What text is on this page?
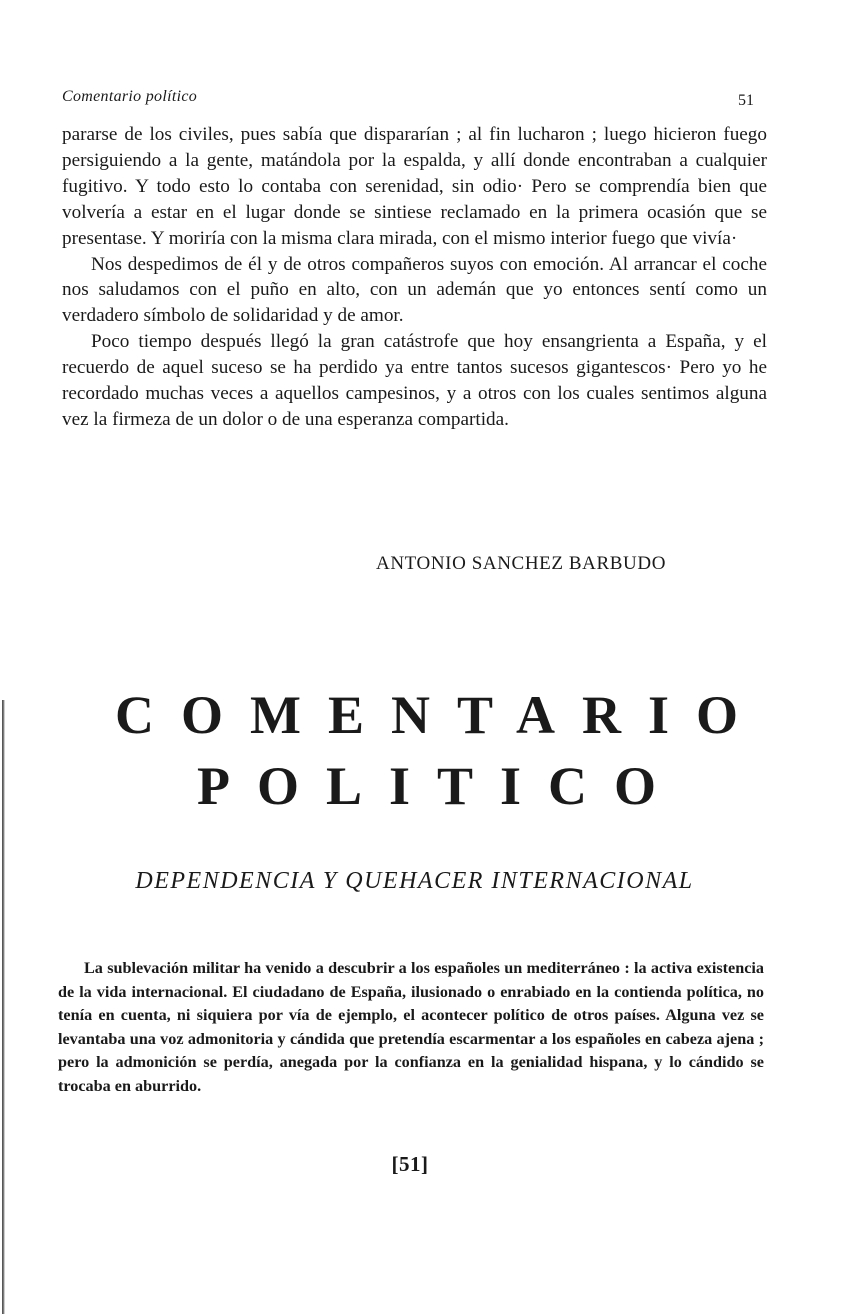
Comentario político	51

pararse de los civiles, pues sabía que dispararían ; al fin lucharon ; luego hicieron fuego persiguiendo a la gente, matándola por la espalda, y allí donde encontraban a cualquier fugitivo. Y todo esto lo contaba con serenidad, sin odio· Pero se comprendía bien que volvería a estar en el lugar donde se sintiese reclamado en la primera ocasión que se presentase. Y moriría con la misma clara mirada, con el mismo interior fuego que vivía·

Nos despedimos de él y de otros compañeros suyos con emoción. Al arrancar el coche nos saludamos con el puño en alto, con un ademán que yo entonces sentí como un verdadero símbolo de solidaridad y de amor.

Poco tiempo después llegó la gran catástrofe que hoy ensangrienta a España, y el recuerdo de aquel suceso se ha perdido ya entre tantos sucesos gigantescos· Pero yo he recordado muchas veces a aquellos campesinos, y a otros con los cuales sentimos alguna vez la firmeza de un dolor o de una esperanza compartida.

ANTONIO SANCHEZ BARBUDO
COMENTARIO
POLITICO
DEPENDENCIA Y QUEHACER INTERNACIONAL

La sublevación militar ha venido a descubrir a los españoles un mediterráneo : la activa existencia de la vida internacional. El ciudadano de España, ilusionado o enrabiado en la contienda política, no tenía en cuenta, ni siquiera por vía de ejemplo, el acontecer político de otros países. Alguna vez se levantaba una voz admonitoria y cándida que pretendía escarmentar a los españoles en cabeza ajena ; pero la admonición se perdía, anegada por la confianza en la genialidad hispana, y lo cándido se trocaba en aburrido.

[51]
